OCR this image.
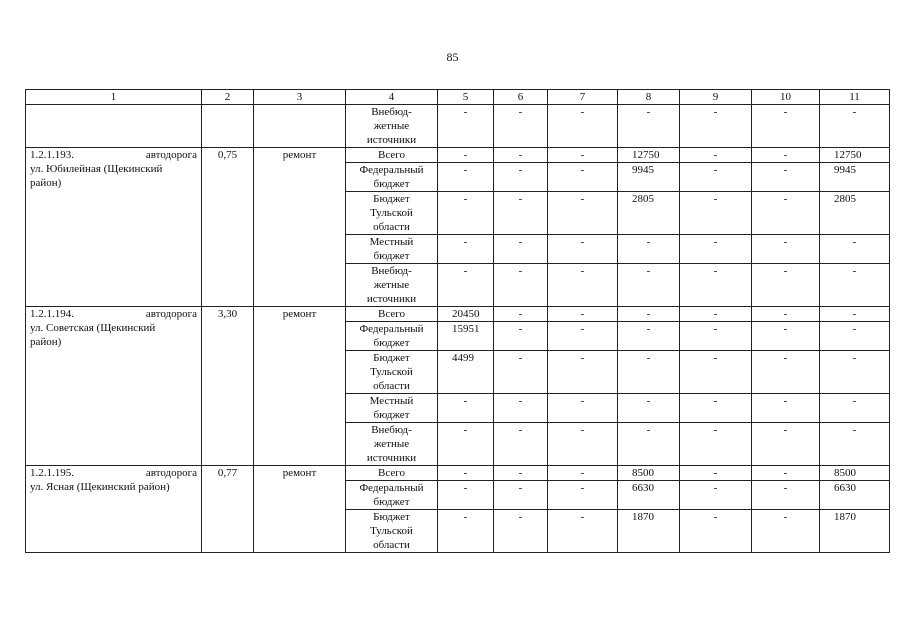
85
1	2	3	4	5	6	7	8	9	10	11

			Внебюд-
жетные
источники	-	-	-	-	-	-	-

1.2.1.193. автодорога
ул. Юбилейная (Щекинский
район)	0,75	ремонт	Всего	-	-	-	12750	-	-	12750

			Федеральный
бюджет	-	-	-	9945	-	-	9945

			Бюджет
Тульской
области	-	-	-	2805	-	-	2805

			Местный
бюджет	-	-	-	-	-	-	-

			Внебюд-
жетные
источники	-	-	-	-	-	-	-

1.2.1.194. автодорога
ул. Советская (Щекинский
район)	3,30	ремонт	Всего	20450	-	-	-	-	-	-

			Федеральный
бюджет	15951	-	-	-	-	-	-

			Бюджет
Тульской
области	4499	-	-	-	-	-	-

			Местный
бюджет	-	-	-	-	-	-	-

			Внебюд-
жетные
источники	-	-	-	-	-	-	-

1.2.1.195. автодорога
ул. Ясная (Щекинский район)	0,77	ремонт	Всего	-	-	-	8500	-	-	8500

			Федеральный
бюджет	-	-	-	6630	-	-	6630

			Бюджет
Тульской
области	-	-	-	1870	-	-	1870
